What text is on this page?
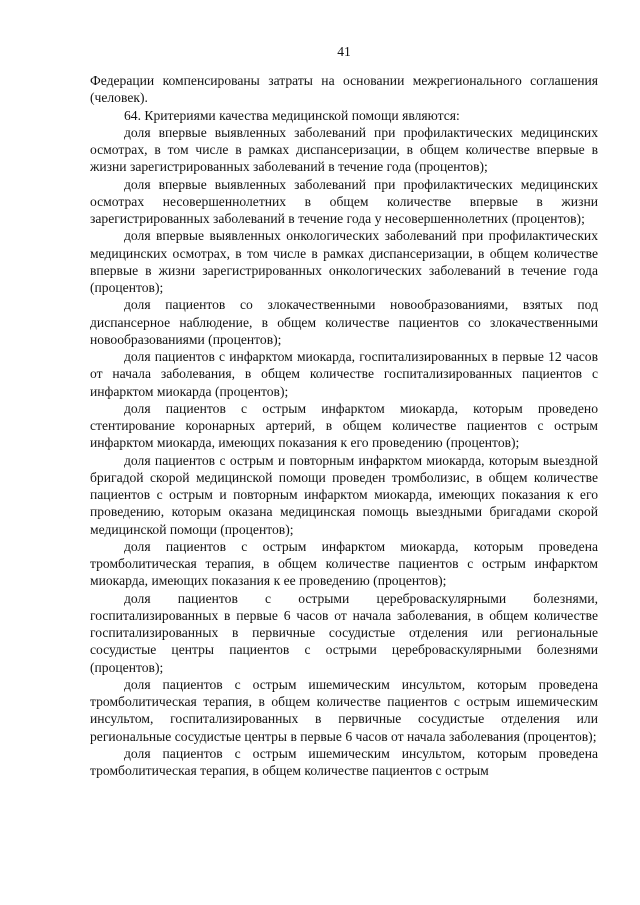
41

Федерации компенсированы затраты на основании межрегионального соглашения (человек).

64. Критериями качества медицинской помощи являются:

доля впервые выявленных заболеваний при профилактических медицинских осмотрах, в том числе в рамках диспансеризации, в общем количестве впервые в жизни зарегистрированных заболеваний в течение года (процентов);

доля впервые выявленных заболеваний при профилактических медицинских осмотрах несовершеннолетних в общем количестве впервые в жизни зарегистрированных заболеваний в течение года у несовершеннолетних (процентов);

доля впервые выявленных онкологических заболеваний при профилактических медицинских осмотрах, в том числе в рамках диспансеризации, в общем количестве впервые в жизни зарегистрированных онкологических заболеваний в течение года (процентов);

доля пациентов со злокачественными новообразованиями, взятых под диспансерное наблюдение, в общем количестве пациентов со злокачественными новообразованиями (процентов);

доля пациентов с инфарктом миокарда, госпитализированных в первые 12 часов от начала заболевания, в общем количестве госпитализированных пациентов с инфарктом миокарда (процентов);

доля пациентов с острым инфарктом миокарда, которым проведено стентирование коронарных артерий, в общем количестве пациентов с острым инфарктом миокарда, имеющих показания к его проведению (процентов);

доля пациентов с острым и повторным инфарктом миокарда, которым выездной бригадой скорой медицинской помощи проведен тромболизис, в общем количестве пациентов с острым и повторным инфарктом миокарда, имеющих показания к его проведению, которым оказана медицинская помощь выездными бригадами скорой медицинской помощи (процентов);

доля пациентов с острым инфарктом миокарда, которым проведена тромболитическая терапия, в общем количестве пациентов с острым инфарктом миокарда, имеющих показания к ее проведению (процентов);

доля пациентов с острыми цереброваскулярными болезнями, госпитализированных в первые 6 часов от начала заболевания, в общем количестве госпитализированных в первичные сосудистые отделения или региональные сосудистые центры пациентов с острыми цереброваскулярными болезнями (процентов);

доля пациентов с острым ишемическим инсультом, которым проведена тромболитическая терапия, в общем количестве пациентов с острым ишемическим инсультом, госпитализированных в первичные сосудистые отделения или региональные сосудистые центры в первые 6 часов от начала заболевания (процентов);

доля пациентов с острым ишемическим инсультом, которым проведена тромболитическая терапия, в общем количестве пациентов с острым
